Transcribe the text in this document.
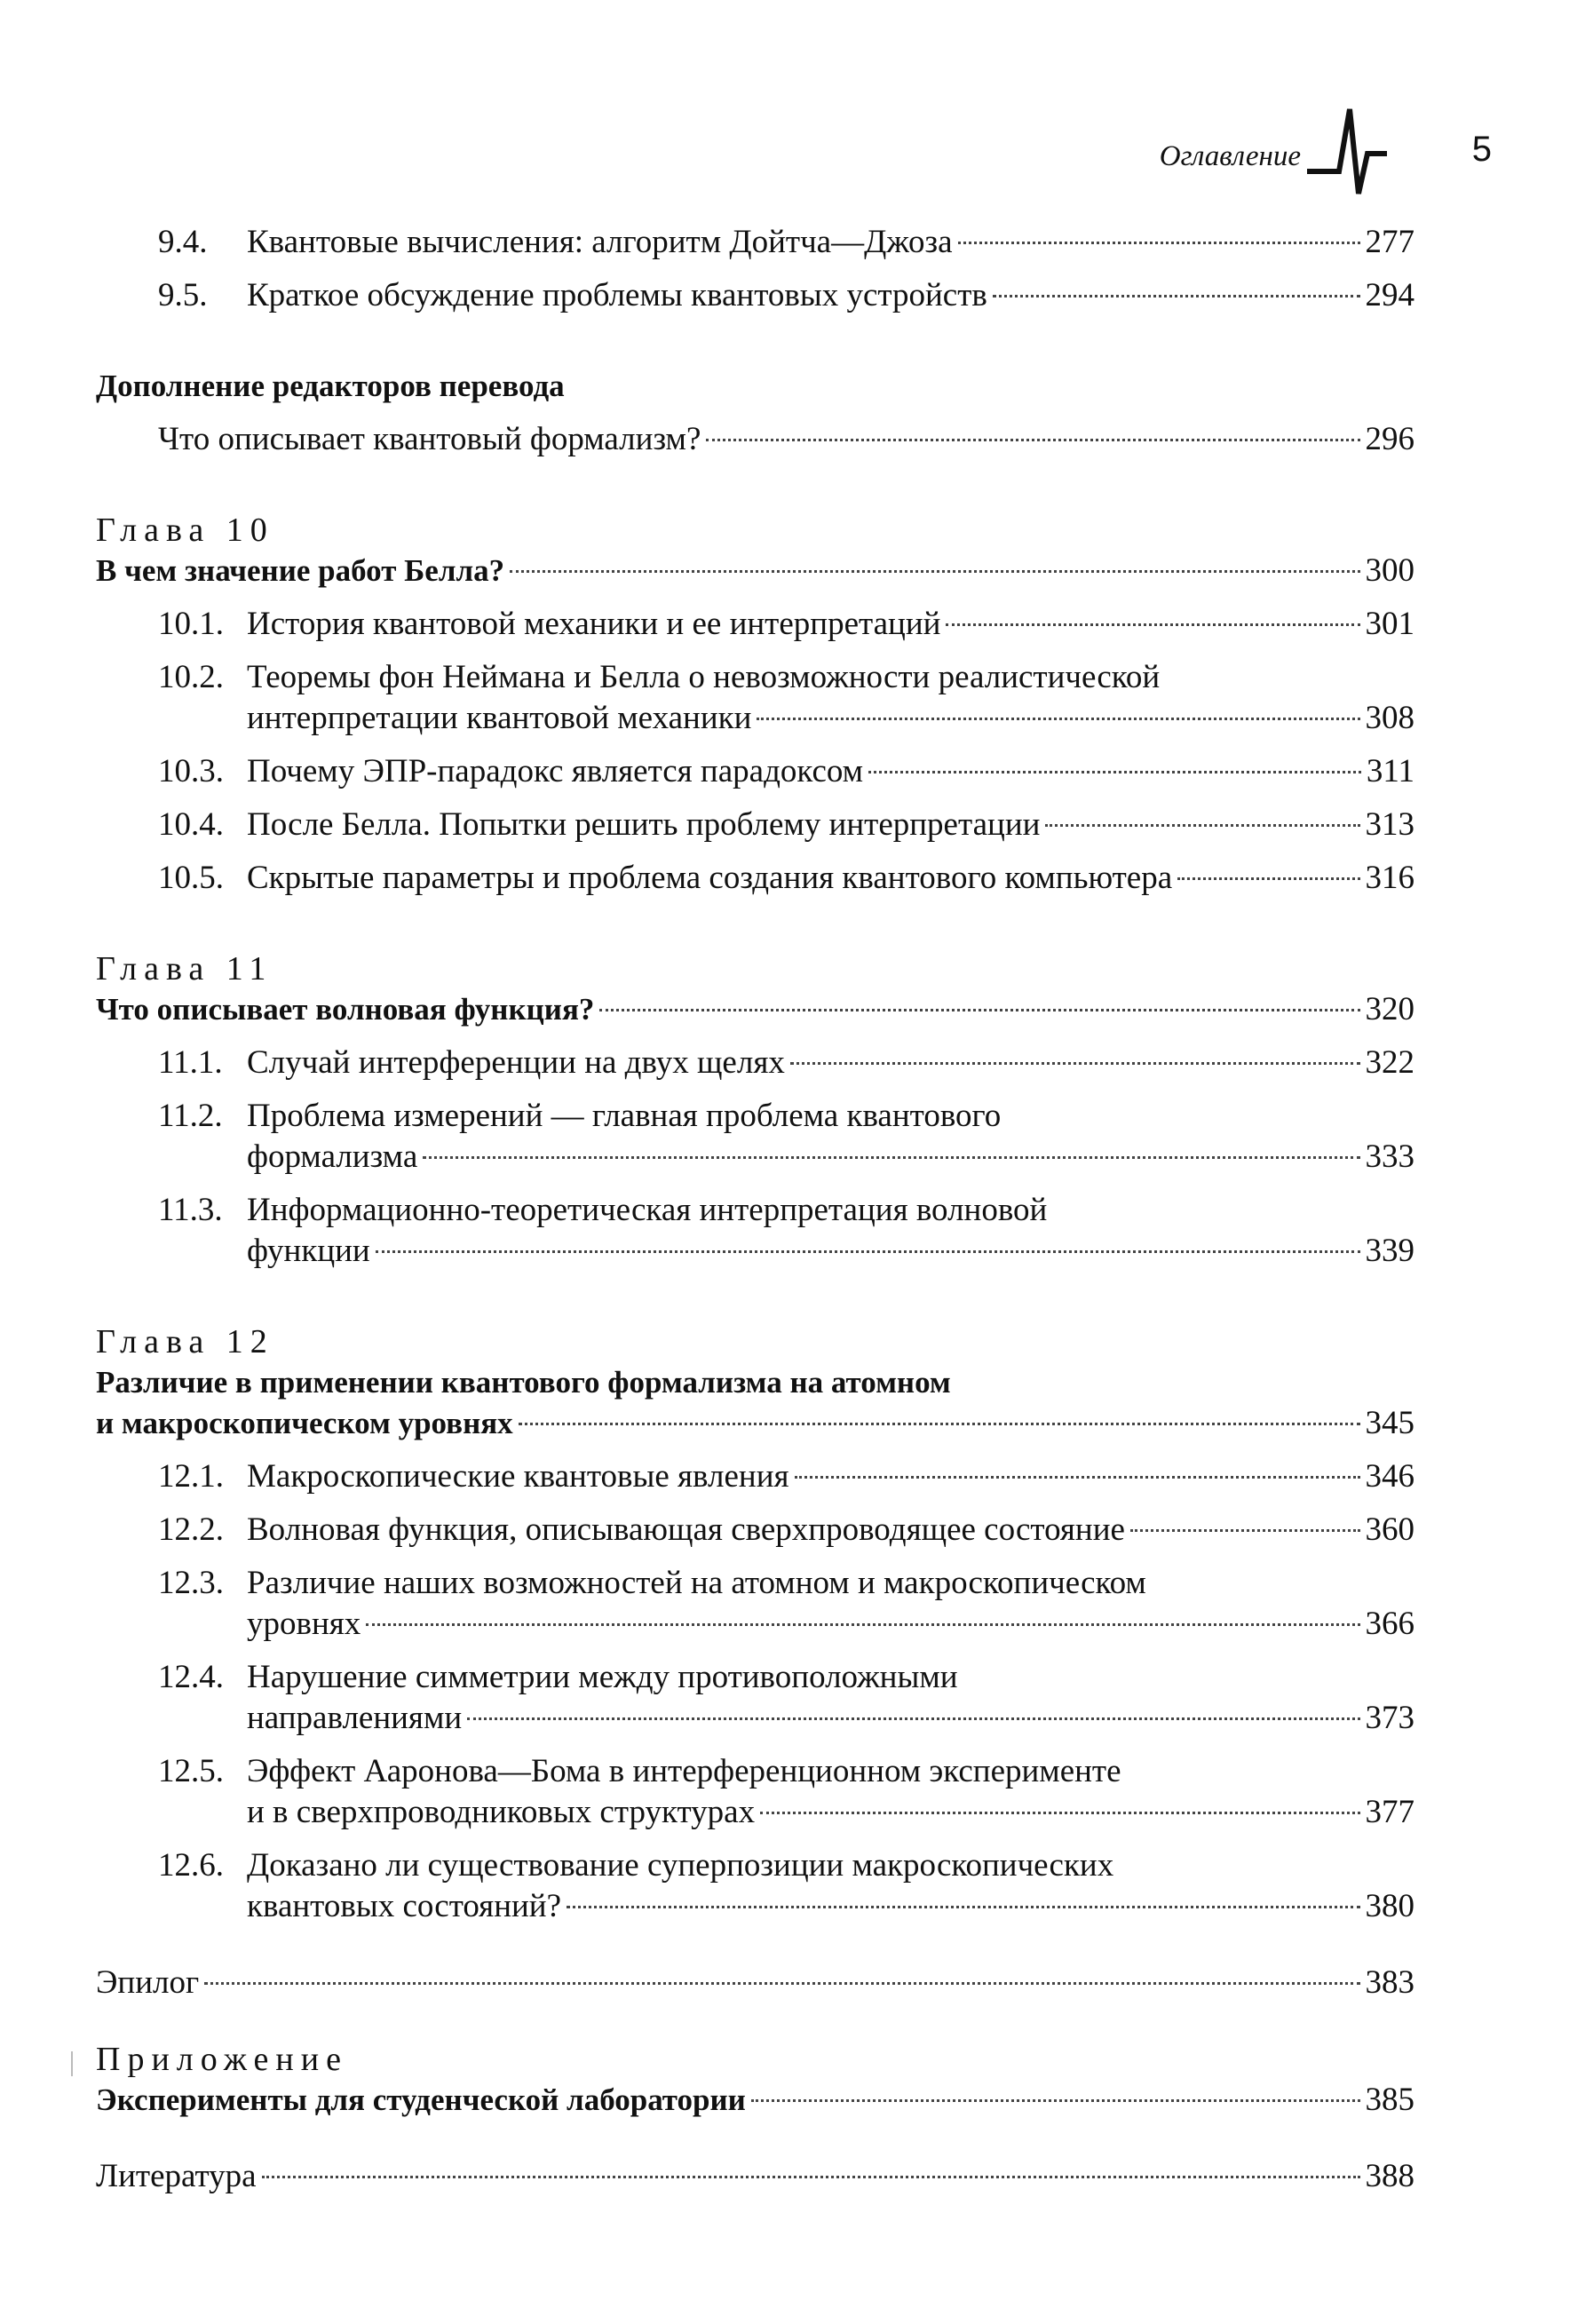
Оглавление	5
9.4. Квантовые вычисления: алгоритм Дойтча—Джоза	277
9.5. Краткое обсуждение проблемы квантовых устройств	294
Дополнение редакторов перевода
Что описывает квантовый формализм?	296
Глава 10
В чем значение работ Белла?	300
10.1. История квантовой механики и ее интерпретаций	301
10.2. Теоремы фон Неймана и Белла о невозможности реалистической
интерпретации квантовой механики	308
10.3. Почему ЭПР-парадокс является парадоксом	311
10.4. После Белла. Попытки решить проблему интерпретации	313
10.5. Скрытые параметры и проблема создания квантового компьютера	316
Глава 11
Что описывает волновая функция?	320
11.1. Случай интерференции на двух щелях	322
11.2. Проблема измерений — главная проблема квантового
формализма	333
11.3. Информационно-теоретическая интерпретация волновой
функции	339
Глава 12
Различие в применении квантового формализма на атомном
и макроскопическом уровнях	345
12.1. Макроскопические квантовые явления	346
12.2. Волновая функция, описывающая сверхпроводящее состояние	360
12.3. Различие наших возможностей на атомном и макроскопическом
уровнях	366
12.4. Нарушение симметрии между противоположными
направлениями	373
12.5. Эффект Ааронова—Бома в интерференционном эксперименте
и в сверхпроводниковых структурах	377
12.6. Доказано ли существование суперпозиции макроскопических
квантовых состояний?	380
Эпилог	383
Приложение
Эксперименты для студенческой лаборатории	385
Литература	388
